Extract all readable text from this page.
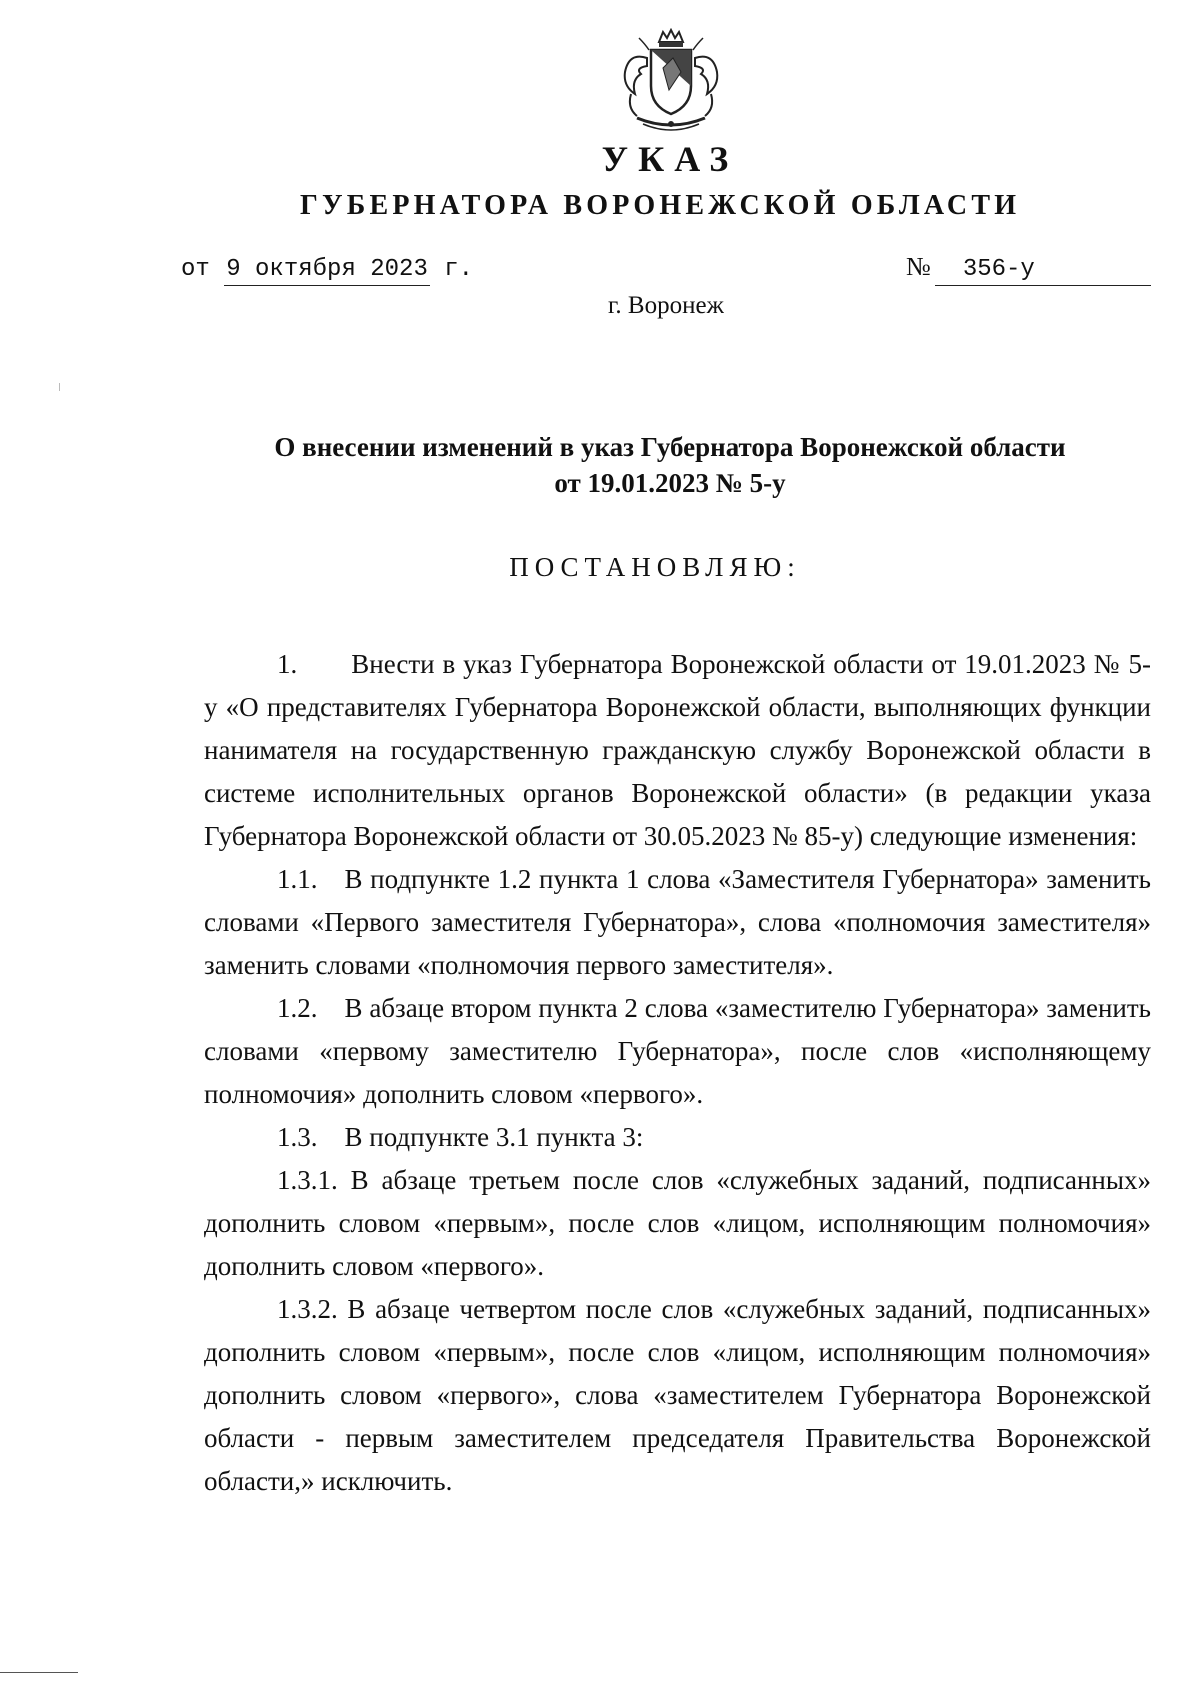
УКАЗ
ГУБЕРНАТОРА ВОРОНЕЖСКОЙ ОБЛАСТИ
от 9 октября 2023 г.	№ 356-у
г. Воронеж
О внесении изменений в указ Губернатора Воронежской области
от 19.01.2023 № 5-у
ПОСТАНОВЛЯЮ:

1.  Внести в указ Губернатора Воронежской области от 19.01.2023 № 5-у «О представителях Губернатора Воронежской области, выполняющих функции нанимателя на государственную гражданскую службу Воронежской области в системе исполнительных органов Воронежской области» (в редакции указа Губернатора Воронежской области от 30.05.2023 № 85-у) следующие изменения:

1.1. В подпункте 1.2 пункта 1 слова «Заместителя Губернатора» заменить словами «Первого заместителя Губернатора», слова «полномочия заместителя» заменить словами «полномочия первого заместителя».

1.2. В абзаце втором пункта 2 слова «заместителю Губернатора» заменить словами «первому заместителю Губернатора», после слов «исполняющему полномочия» дополнить словом «первого».

1.3. В подпункте 3.1 пункта 3:

1.3.1. В абзаце третьем после слов «служебных заданий, подписанных» дополнить словом «первым», после слов «лицом, исполняющим полномочия» дополнить словом «первого».

1.3.2. В абзаце четвертом после слов «служебных заданий, подписанных» дополнить словом «первым», после слов «лицом, исполняющим полномочия» дополнить словом «первого», слова «заместителем Губернатора Воронежской области - первым заместителем председателя Правительства Воронежской области,» исключить.
